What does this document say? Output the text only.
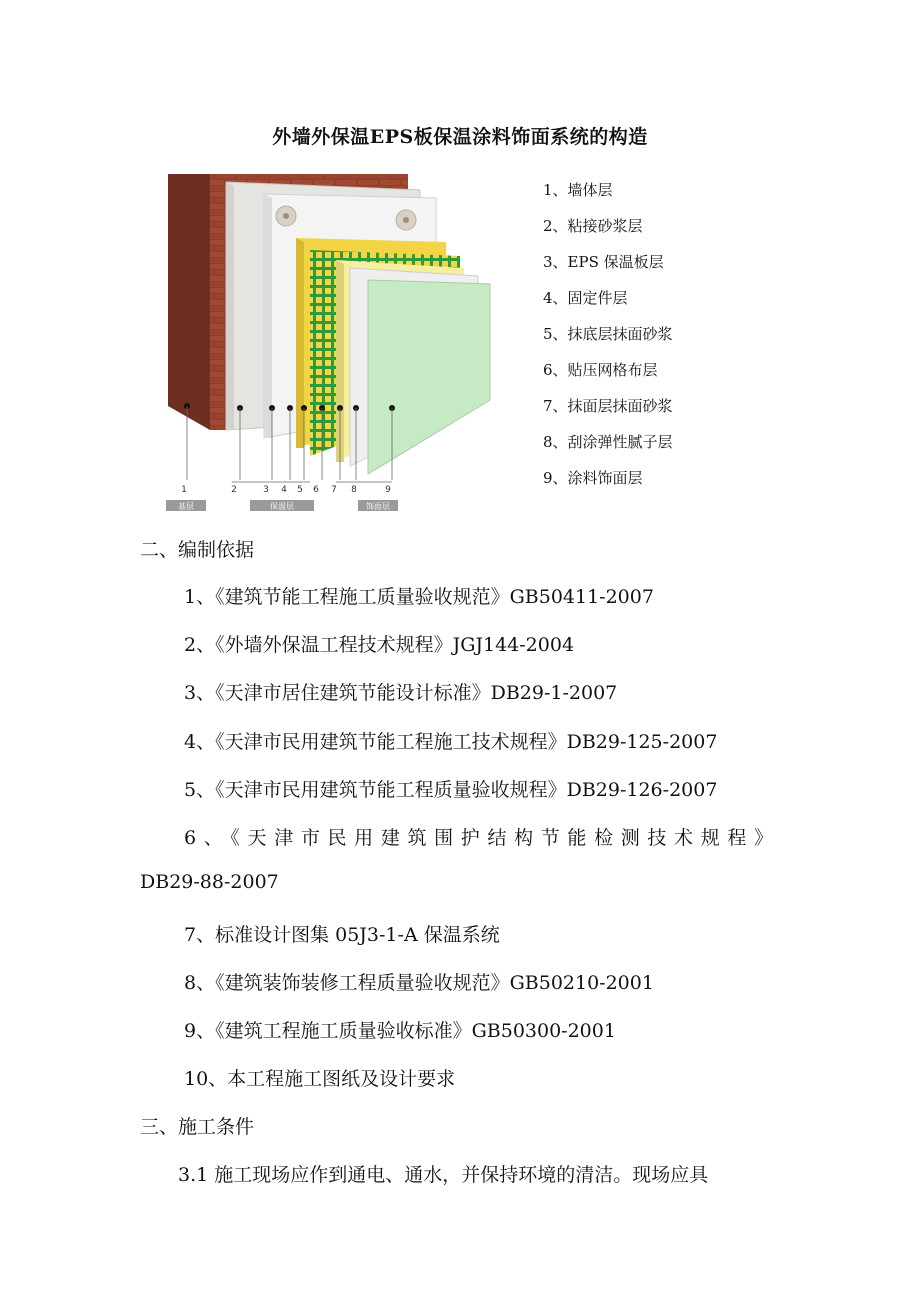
外墙外保温EPS板保温涂料饰面系统的构造
1	2	3 4 5 6 7 8	9
基层	保温层	饰面层
1、墙体层
2、粘接砂浆层
3、EPS 保温板层
4、固定件层
5、抹底层抹面砂浆
6、贴压网格布层
7、抹面层抹面砂浆
8、刮涂弹性腻子层
9、涂料饰面层
二、编制依据
1、《建筑节能工程施工质量验收规范》GB50411-2007
2、《外墙外保温工程技术规程》JGJ144-2004
3、《天津市居住建筑节能设计标准》DB29-1-2007
4、《天津市民用建筑节能工程施工技术规程》DB29-125-2007
5、《天津市民用建筑节能工程质量验收规程》DB29-126-2007
6、《天津市民用建筑围护结构节能检测技术规程》
DB29-88-2007
7、标准设计图集 05J3-1-A 保温系统
8、《建筑装饰装修工程质量验收规范》GB50210-2001
9、《建筑工程施工质量验收标准》GB50300-2001
10、本工程施工图纸及设计要求
三、施工条件
3.1 施工现场应作到通电、通水，并保持环境的清洁。现场应具
